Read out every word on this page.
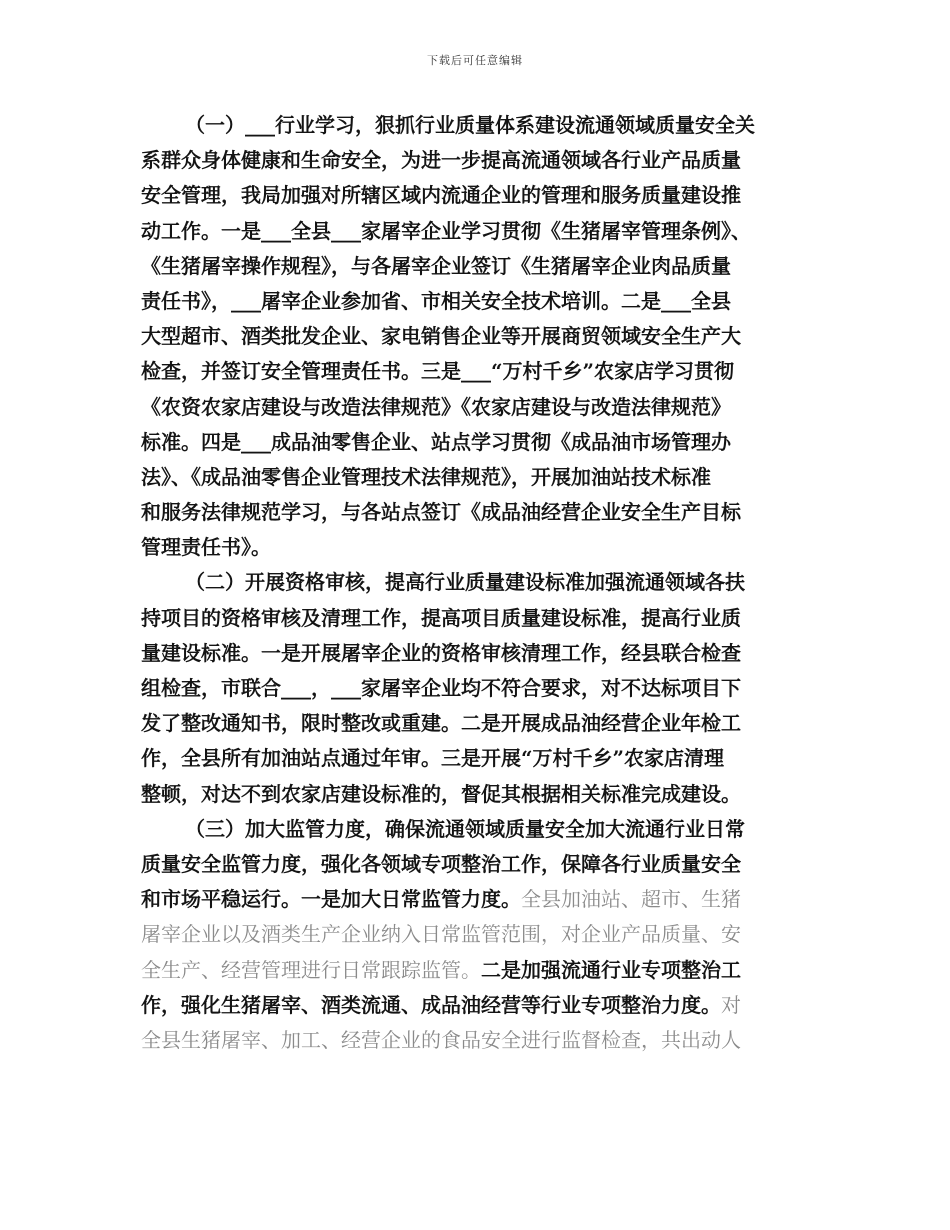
下载后可任意编辑
（一）___行业学习，狠抓行业质量体系建设流通领域质量安全关
系群众身体健康和生命安全，为进一步提高流通领域各行业产品质量
安全管理，我局加强对所辖区域内流通企业的管理和服务质量建设推
动工作。一是___全县___家屠宰企业学习贯彻《生猪屠宰管理条例》、
《生猪屠宰操作规程》，与各屠宰企业签订《生猪屠宰企业肉品质量
责任书》，___屠宰企业参加省、市相关安全技术培训。二是___全县
大型超市、酒类批发企业、家电销售企业等开展商贸领域安全生产大
检查，并签订安全管理责任书。三是___“万村千乡”农家店学习贯彻
《农资农家店建设与改造法律规范》《农家店建设与改造法律规范》
标准。四是___成品油零售企业、站点学习贯彻《成品油市场管理办
法》、《成品油零售企业管理技术法律规范》，开展加油站技术标准
和服务法律规范学习，与各站点签订《成品油经营企业安全生产目标
管理责任书》。
（二）开展资格审核，提高行业质量建设标准加强流通领域各扶
持项目的资格审核及清理工作，提高项目质量建设标准，提高行业质
量建设标准。一是开展屠宰企业的资格审核清理工作，经县联合检查
组检查，市联合___，___家屠宰企业均不符合要求，对不达标项目下
发了整改通知书，限时整改或重建。二是开展成品油经营企业年检工
作，全县所有加油站点通过年审。三是开展“万村千乡”农家店清理
整顿，对达不到农家店建设标准的，督促其根据相关标准完成建设。
（三）加大监管力度，确保流通领域质量安全加大流通行业日常
质量安全监管力度，强化各领域专项整治工作，保障各行业质量安全
和市场平稳运行。一是加大日常监管力度。全县加油站、超市、生猪
屠宰企业以及酒类生产企业纳入日常监管范围，对企业产品质量、安
全生产、经营管理进行日常跟踪监管。二是加强流通行业专项整治工
作，强化生猪屠宰、酒类流通、成品油经营等行业专项整治力度。对
全县生猪屠宰、加工、经营企业的食品安全进行监督检查，共出动人
